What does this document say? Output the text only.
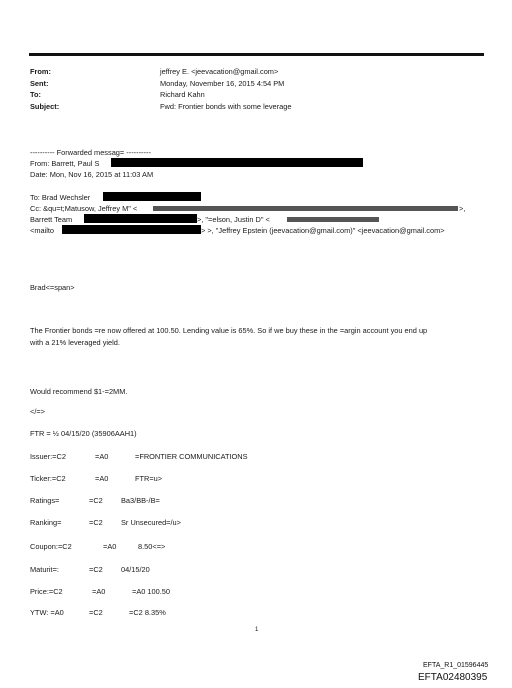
From:	jeffrey E. <jeevacation@gmail.com>
Sent:	Monday, November 16, 2015 4:54 PM
To:	Richard Kahn
Subject:	Fwd: Frontier bonds with some leverage
---------- Forwarded messag= ----------
From: Barrett, Paul S
Date: Mon, Nov 16, 2015 at 11:03 AM
To: Brad Wechsler
Cc: &qu=t;Matusow, Jeffrey M" <	>,
Barrett Team	>, "=elson, Justin D" <
<mailto	> >, "Jeffrey Epstein (jeevacation@gmail.com)" <jeevacation@gmail.com>
Brad<=span>
The Frontier bonds =re now offered at 100.50. Lending value is 65%. So if we buy these in the =argin account you end up
with a 21% leveraged yield.
Would recommend $1-=2MM.
</=>
FTR = ½ 04/15/20 (35906AAH1)
Issuer:=C2	=A0	=FRONTIER COMMUNICATIONS
Ticker:=C2	=A0	FTR=u>
Ratings=	=C2 Ba3/BB-/B=
Ranking=	=C2 Sr Unsecured=/u>
Coupon:=C2	=A0	8.50<=>
Maturit=:	=C2 04/15/20
Price:=C2	=A0	=A0 100.50
YTW: =A0	=C2	=C2 8.35%
1
EFTA_R1_01596445
EFTA02480395
